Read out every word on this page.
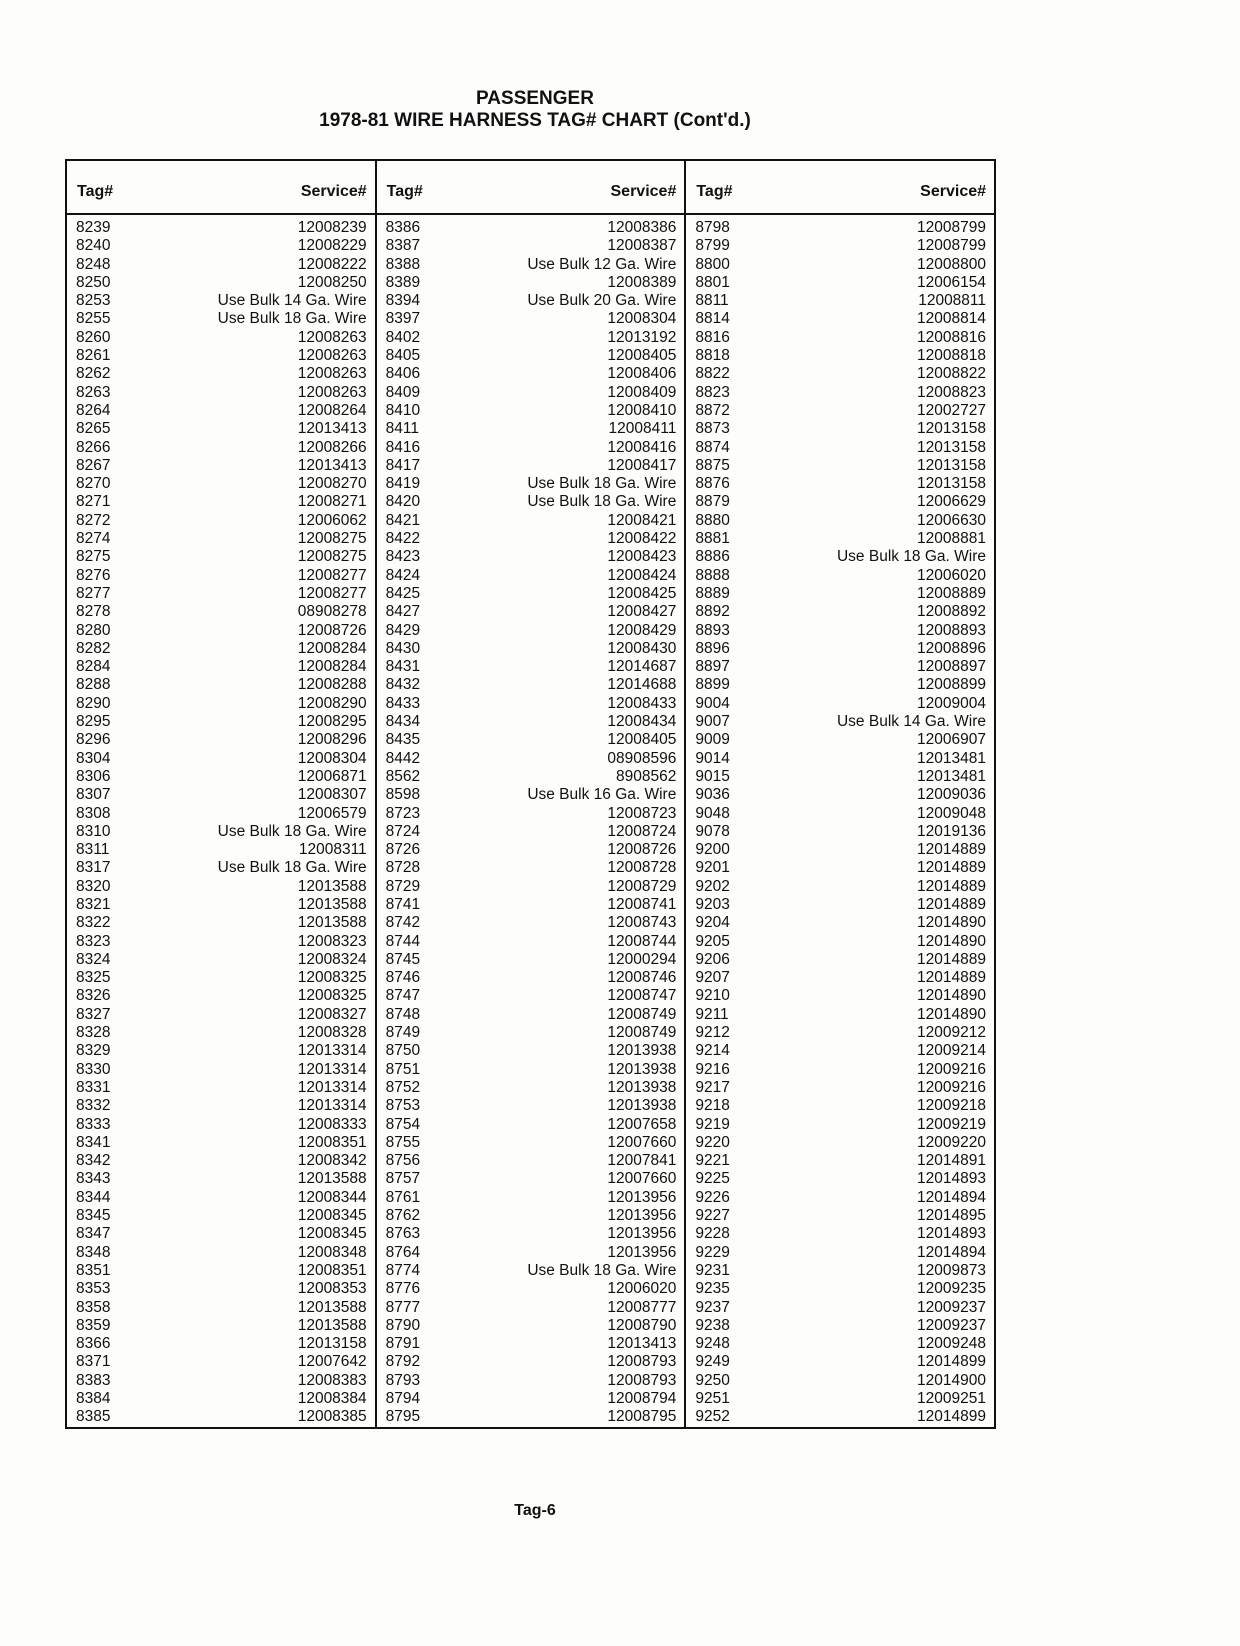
PASSENGER
1978-81 WIRE HARNESS TAG# CHART (Cont'd.)
Tag#	Service#
8239	12008239
8240	12008229
8248	12008222
8250	12008250
8253	Use Bulk 14 Ga. Wire
8255	Use Bulk 18 Ga. Wire
8260	12008263
8261	12008263
8262	12008263
8263	12008263
8264	12008264
8265	12013413
8266	12008266
8267	12013413
8270	12008270
8271	12008271
8272	12006062
8274	12008275
8275	12008275
8276	12008277
8277	12008277
8278	08908278
8280	12008726
8282	12008284
8284	12008284
8288	12008288
8290	12008290
8295	12008295
8296	12008296
8304	12008304
8306	12006871
8307	12008307
8308	12006579
8310	Use Bulk 18 Ga. Wire
8311	12008311
8317	Use Bulk 18 Ga. Wire
8320	12013588
8321	12013588
8322	12013588
8323	12008323
8324	12008324
8325	12008325
8326	12008325
8327	12008327
8328	12008328
8329	12013314
8330	12013314
8331	12013314
8332	12013314
8333	12008333
8341	12008351
8342	12008342
8343	12013588
8344	12008344
8345	12008345
8347	12008345
8348	12008348
8351	12008351
8353	12008353
8358	12013588
8359	12013588
8366	12013158
8371	12007642
8383	12008383
8384	12008384
8385	12008385
Tag#	Service#
8386	12008386
8387	12008387
8388	Use Bulk 12 Ga. Wire
8389	12008389
8394	Use Bulk 20 Ga. Wire
8397	12008304
8402	12013192
8405	12008405
8406	12008406
8409	12008409
8410	12008410
8411	12008411
8416	12008416
8417	12008417
8419	Use Bulk 18 Ga. Wire
8420	Use Bulk 18 Ga. Wire
8421	12008421
8422	12008422
8423	12008423
8424	12008424
8425	12008425
8427	12008427
8429	12008429
8430	12008430
8431	12014687
8432	12014688
8433	12008433
8434	12008434
8435	12008405
8442	08908596
8562	8908562
8598	Use Bulk 16 Ga. Wire
8723	12008723
8724	12008724
8726	12008726
8728	12008728
8729	12008729
8741	12008741
8742	12008743
8744	12008744
8745	12000294
8746	12008746
8747	12008747
8748	12008749
8749	12008749
8750	12013938
8751	12013938
8752	12013938
8753	12013938
8754	12007658
8755	12007660
8756	12007841
8757	12007660
8761	12013956
8762	12013956
8763	12013956
8764	12013956
8774	Use Bulk 18 Ga. Wire
8776	12006020
8777	12008777
8790	12008790
8791	12013413
8792	12008793
8793	12008793
8794	12008794
8795	12008795
Tag#	Service#
8798	12008799
8799	12008799
8800	12008800
8801	12006154
8811	12008811
8814	12008814
8816	12008816
8818	12008818
8822	12008822
8823	12008823
8872	12002727
8873	12013158
8874	12013158
8875	12013158
8876	12013158
8879	12006629
8880	12006630
8881	12008881
8886	Use Bulk 18 Ga. Wire
8888	12006020
8889	12008889
8892	12008892
8893	12008893
8896	12008896
8897	12008897
8899	12008899
9004	12009004
9007	Use Bulk 14 Ga. Wire
9009	12006907
9014	12013481
9015	12013481
9036	12009036
9048	12009048
9078	12019136
9200	12014889
9201	12014889
9202	12014889
9203	12014889
9204	12014890
9205	12014890
9206	12014889
9207	12014889
9210	12014890
9211	12014890
9212	12009212
9214	12009214
9216	12009216
9217	12009216
9218	12009218
9219	12009219
9220	12009220
9221	12014891
9225	12014893
9226	12014894
9227	12014895
9228	12014893
9229	12014894
9231	12009873
9235	12009235
9237	12009237
9238	12009237
9248	12009248
9249	12014899
9250	12014900
9251	12009251
9252	12014899
Tag-6
